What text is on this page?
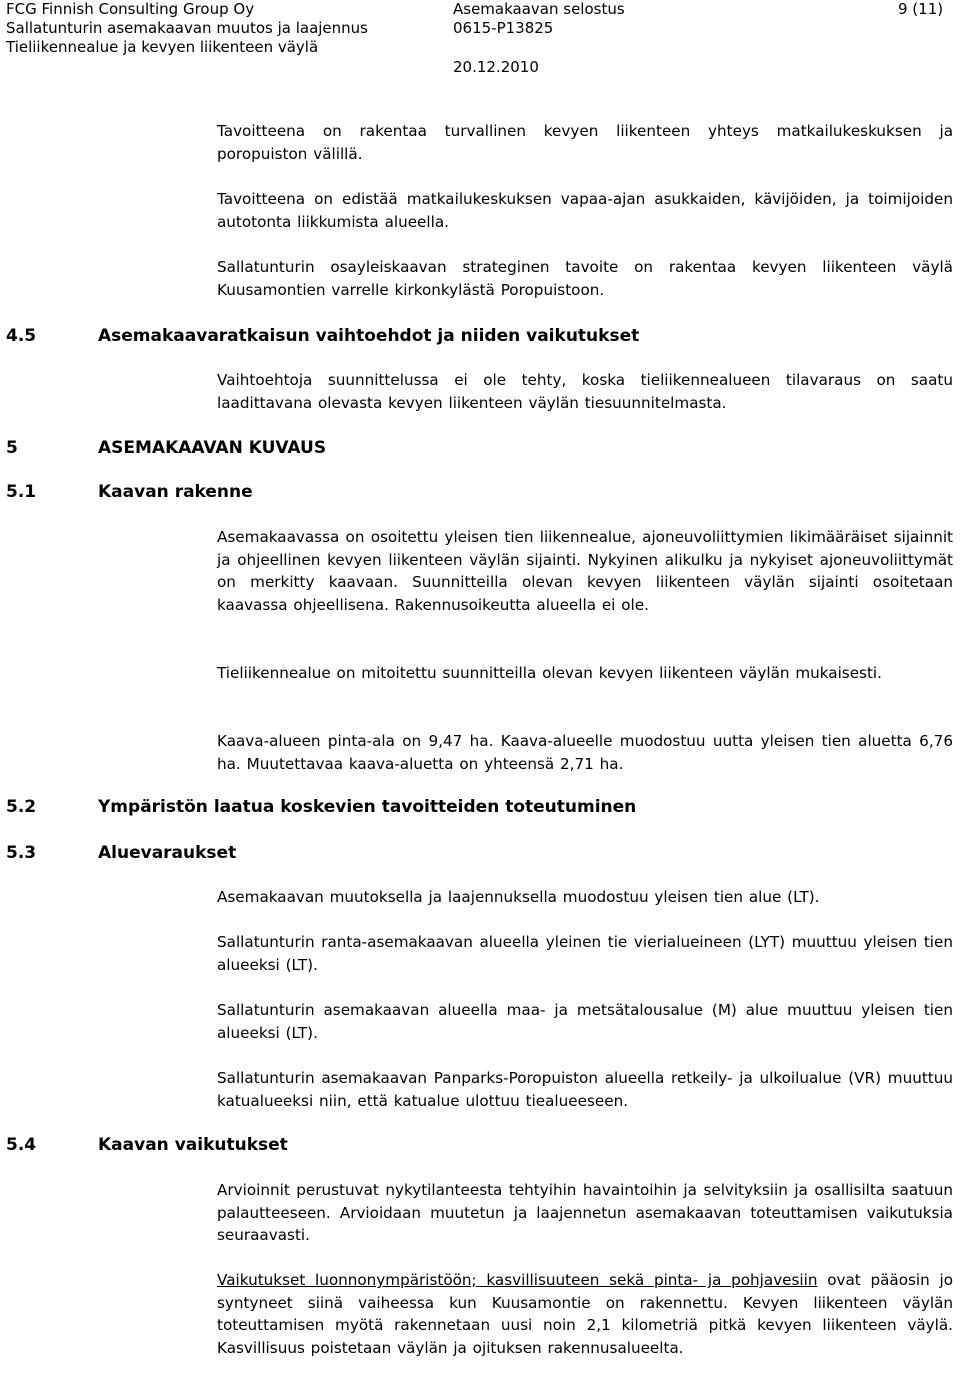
FCG Finnish Consulting Group Oy
Sallatunturin asemakaavan muutos ja laajennus
Tieliikennealue ja kevyen liikenteen väylä
Asemakaavan selostus
0615-P13825
20.12.2010
9 (11)

Tavoitteena on rakentaa turvallinen kevyen liikenteen yhteys matkailukeskuksen ja poropuiston välillä.

Tavoitteena on edistää matkailukeskuksen vapaa-ajan asukkaiden, kävijöiden, ja toimijoiden autotonta liikkumista alueella.

Sallatunturin osayleiskaavan strateginen tavoite on rakentaa kevyen liikenteen väylä Kuusamontien varrelle kirkonkylästä Poropuistoon.

4.5	Asemakaavaratkaisun vaihtoehdot ja niiden vaikutukset

Vaihtoehtoja suunnittelussa ei ole tehty, koska tieliikennealueen tilavaraus on saatu laadittavana olevasta kevyen liikenteen väylän tiesuunnitelmasta.

5	ASEMAKAAVAN KUVAUS
5.1	Kaavan rakenne

Asemakaavassa on osoitettu yleisen tien liikennealue, ajoneuvoliittymien likimääräiset sijainnit ja ohjeellinen kevyen liikenteen väylän sijainti. Nykyinen alikulku ja nykyiset ajoneuvoliittymät on merkitty kaavaan. Suunnitteilla olevan kevyen liikenteen väylän sijainti osoitetaan kaavassa ohjeellisena. Rakennusoikeutta alueella ei ole.

Tieliikennealue on mitoitettu suunnitteilla olevan kevyen liikenteen väylän mukaisesti.

Kaava-alueen pinta-ala on 9,47 ha. Kaava-alueelle muodostuu uutta yleisen tien aluetta 6,76 ha. Muutettavaa kaava-aluetta on yhteensä 2,71 ha.

5.2	Ympäristön laatua koskevien tavoitteiden toteutuminen
5.3	Aluevaraukset

Asemakaavan muutoksella ja laajennuksella muodostuu yleisen tien alue (LT).

Sallatunturin ranta-asemakaavan alueella yleinen tie vierialueineen (LYT) muuttuu yleisen tien alueeksi (LT).

Sallatunturin asemakaavan alueella maa- ja metsätalousalue (M) alue muuttuu yleisen tien alueeksi (LT).

Sallatunturin asemakaavan Panparks-Poropuiston alueella retkeily- ja ulkoilualue (VR) muuttuu katualueeksi niin, että katualue ulottuu tiealueeseen.

5.4	Kaavan vaikutukset

Arvioinnit perustuvat nykytilanteesta tehtyihin havaintoihin ja selvityksiin ja osallisilta saatuun palautteeseen. Arvioidaan muutetun ja laajennetun asemakaavan toteuttamisen vaikutuksia seuraavasti.

Vaikutukset luonnonympäristöön; kasvillisuuteen sekä pinta- ja pohjavesiin ovat pääosin jo syntyneet siinä vaiheessa kun Kuusamontie on rakennettu. Kevyen liikenteen väylän toteuttamisen myötä rakennetaan uusi noin 2,1 kilometriä pitkä kevyen liikenteen väylä. Kasvillisuus poistetaan väylän ja ojituksen rakennusalueelta.
